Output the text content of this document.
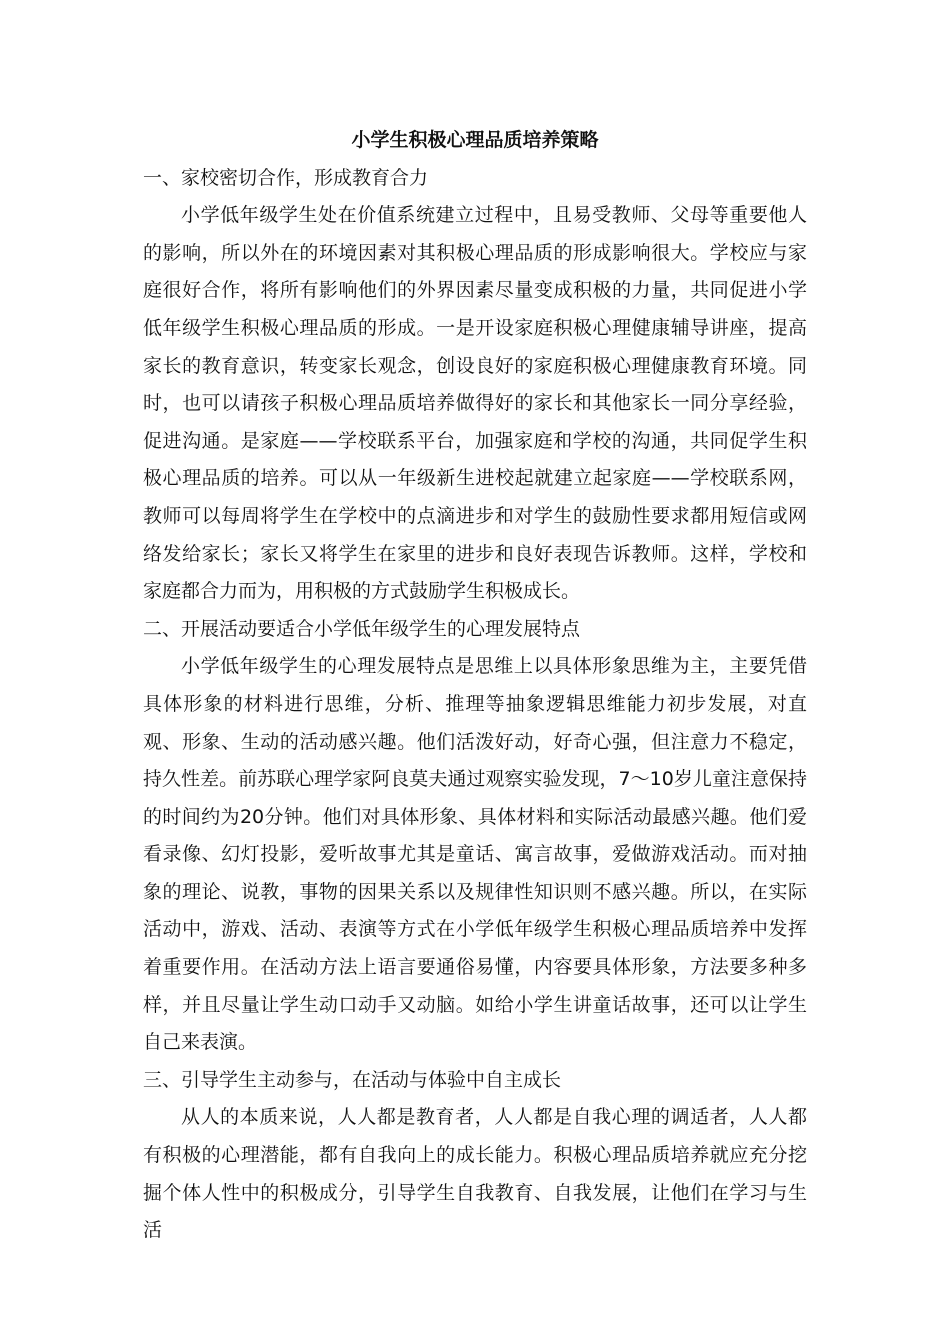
小学生积极心理品质培养策略

一、家校密切合作，形成教育合力

小学低年级学生处在价值系统建立过程中，且易受教师、父母等重要他人的影响，所以外在的环境因素对其积极心理品质的形成影响很大。学校应与家庭很好合作，将所有影响他们的外界因素尽量变成积极的力量，共同促进小学低年级学生积极心理品质的形成。一是开设家庭积极心理健康辅导讲座，提高家长的教育意识，转变家长观念，创设良好的家庭积极心理健康教育环境。同时，也可以请孩子积极心理品质培养做得好的家长和其他家长一同分享经验，促进沟通。是家庭——学校联系平台，加强家庭和学校的沟通，共同促学生积极心理品质的培养。可以从一年级新生进校起就建立起家庭——学校联系网，教师可以每周将学生在学校中的点滴进步和对学生的鼓励性要求都用短信或网络发给家长；家长又将学生在家里的进步和良好表现告诉教师。这样，学校和家庭都合力而为，用积极的方式鼓励学生积极成长。

二、开展活动要适合小学低年级学生的心理发展特点

小学低年级学生的心理发展特点是思维上以具体形象思维为主，主要凭借具体形象的材料进行思维，分析、推理等抽象逻辑思维能力初步发展，对直观、形象、生动的活动感兴趣。他们活泼好动，好奇心强，但注意力不稳定，持久性差。前苏联心理学家阿良莫夫通过观察实验发现，7～10岁儿童注意保持的时间约为20分钟。他们对具体形象、具体材料和实际活动最感兴趣。他们爱看录像、幻灯投影，爱听故事尤其是童话、寓言故事，爱做游戏活动。而对抽象的理论、说教，事物的因果关系以及规律性知识则不感兴趣。所以，在实际活动中，游戏、活动、表演等方式在小学低年级学生积极心理品质培养中发挥着重要作用。在活动方法上语言要通俗易懂，内容要具体形象，方法要多种多样，并且尽量让学生动口动手又动脑。如给小学生讲童话故事，还可以让学生自己来表演。

三、引导学生主动参与，在活动与体验中自主成长

从人的本质来说，人人都是教育者，人人都是自我心理的调适者，人人都有积极的心理潜能，都有自我向上的成长能力。积极心理品质培养就应充分挖掘个体人性中的积极成分，引导学生自我教育、自我发展，让他们在学习与生活
